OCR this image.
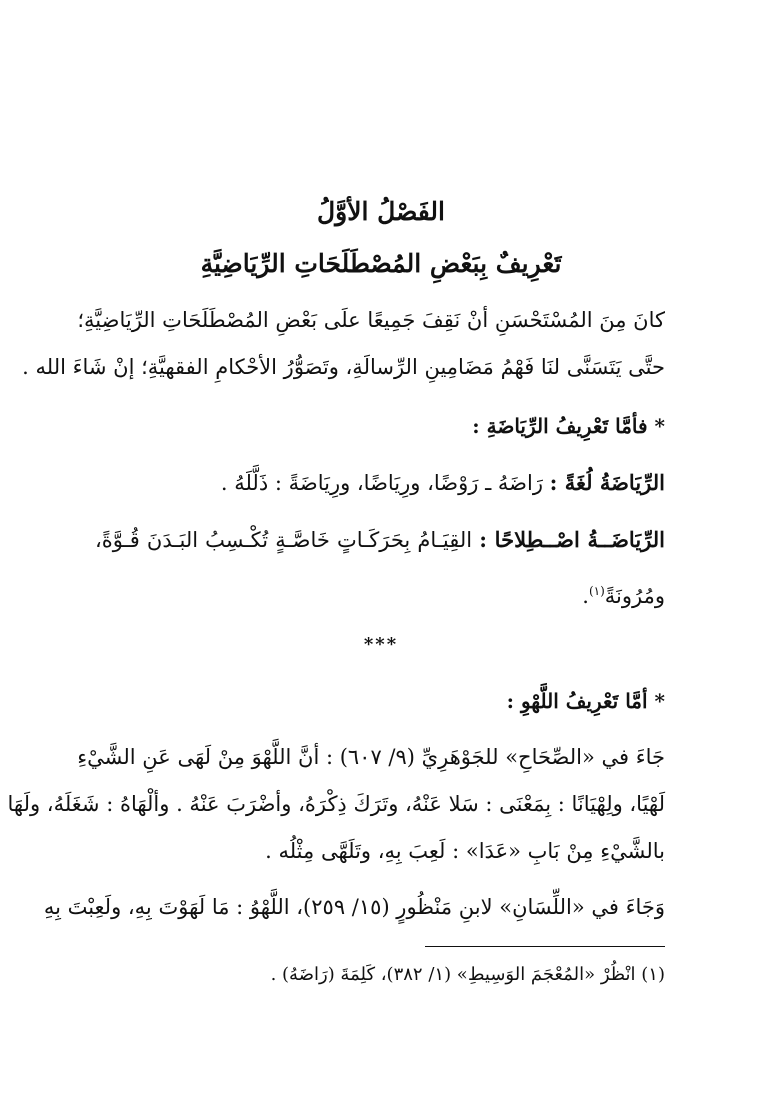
الفَصْلُ الأوَّلُ
تَعْرِيفٌ بِبَعْضِ المُصْطَلَحَاتِ الرِّيَاضِيَّةِ
كانَ مِنَ المُسْتَحْسَنِ أنْ نَقِفَ جَمِيعًا علَى بَعْضِ المُصْطَلَحَاتِ الرِّيَاضِيَّةِ؛
حتَّى يَتَسَنَّى لنَا فَهْمُ مَضَامِينِ الرِّسالَةِ، وتَصَوُّرُ الأحْكامِ الفقهيَّةِ؛ إنْ شَاءَ الله .
* فأمَّا تَعْرِيفُ الرِّيَاضَةِ :
الرِّيَاضَةُ لُغَةً : رَاضَهُ ـ رَوْضًا، ورِيَاضًا، ورِيَاضَةً : ذَلَّلَهُ .
الرِّيَاضَــةُ اصْــطِلاحًا : القِيَـامُ بِحَرَكَـاتٍ خَاصَّـةٍ تُكْـسِبُ البَـدَنَ قُـوَّةً،
ومُرُونَةً$^{(١)}$.
***
* أمَّا تَعْرِيفُ اللَّهْوِ :
جَاءَ في «الصِّحَاحِ» للجَوْهَرِيِّ (٩/ ٦٠٧) : أنَّ اللَّهْوَ مِنْ لَهَى عَنِ الشَّيْءِ
لَهْيًا، ولِهْيَانًا : بِمَعْنَى : سَلا عَنْهُ، وتَرَكَ ذِكْرَهُ، وأضْرَبَ عَنْهُ . وألْهَاهُ : شَغَلَهُ، ولَهَا
بالشَّيْءِ مِنْ بَابِ «عَدَا» : لَعِبَ بِهِ، وتَلَهَّى مِثْلُه .
وَجَاءَ في «اللِّسَانِ» لابنِ مَنْظُورٍ (١٥/ ٢٥٩)، اللَّهْوُ : مَا لَهَوْتَ بِهِ، ولَعِبْتَ بِهِ
(١) انْظُرْ «المُعْجَمَ الوَسِيطِ» (١/ ٣٨٢)، كَلِمَةَ (رَاضَهُ) .
